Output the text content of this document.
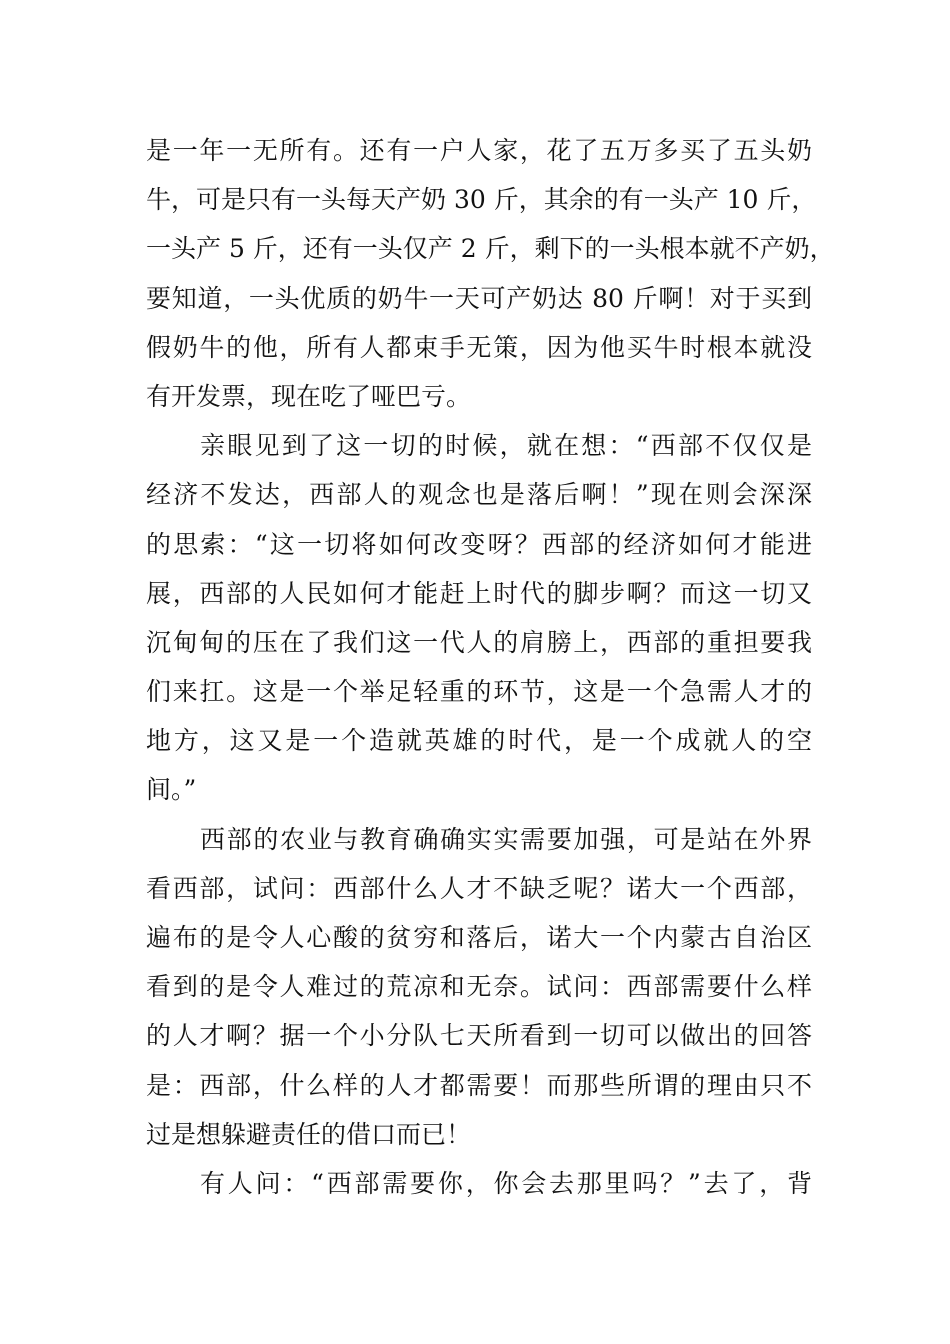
是一年一无所有。还有一户人家，花了五万多买了五头奶
牛，可是只有一头每天产奶 30 斤，其余的有一头产 10 斤，
一头产 5 斤，还有一头仅产 2 斤，剩下的一头根本就不产奶，
要知道，一头优质的奶牛一天可产奶达 80 斤啊！对于买到
假奶牛的他，所有人都束手无策，因为他买牛时根本就没
有开发票，现在吃了哑巴亏。
亲眼见到了这一切的时候，就在想：“西部不仅仅是
经济不发达，西部人的观念也是落后啊！”现在则会深深
的思索：“这一切将如何改变呀？西部的经济如何才能进
展，西部的人民如何才能赶上时代的脚步啊？而这一切又
沉甸甸的压在了我们这一代人的肩膀上，西部的重担要我
们来扛。这是一个举足轻重的环节，这是一个急需人才的
地方，这又是一个造就英雄的时代，是一个成就人的空
间。”
西部的农业与教育确确实实需要加强，可是站在外界
看西部，试问：西部什么人才不缺乏呢？诺大一个西部，
遍布的是令人心酸的贫穷和落后，诺大一个内蒙古自治区
看到的是令人难过的荒凉和无奈。试问：西部需要什么样
的人才啊？据一个小分队七天所看到一切可以做出的回答
是：西部，什么样的人才都需要！而那些所谓的理由只不
过是想躲避责任的借口而已！
有人问：“西部需要你，你会去那里吗？”去了，背
